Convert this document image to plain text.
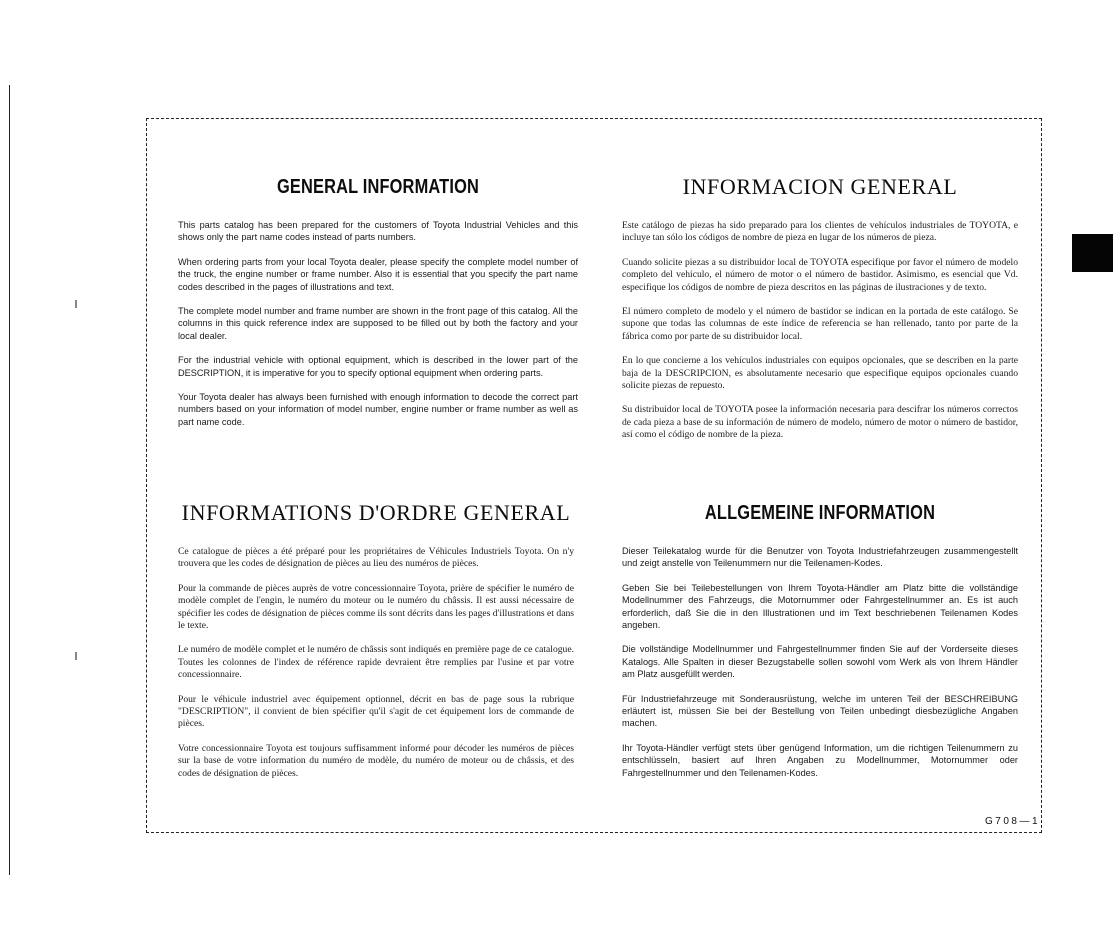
GENERAL INFORMATION

This parts catalog has been prepared for the customers of Toyota Industrial Vehicles and this shows only the part name codes instead of parts numbers.

When ordering parts from your local Toyota dealer, please specify the complete model number of the truck, the engine number or frame number. Also it is essential that you specify the part name codes described in the pages of illustrations and text.

The complete model number and frame number are shown in the front page of this catalog. All the columns in this quick reference index are supposed to be filled out by both the factory and your local dealer.

For the industrial vehicle with optional equipment, which is described in the lower part of the DESCRIPTION, it is imperative for you to specify optional equipment when ordering parts.

Your Toyota dealer has always been furnished with enough information to decode the correct part numbers based on your information of model number, engine number or frame number as well as part name code.

INFORMACION GENERAL

Este catálogo de piezas ha sido preparado para los clientes de vehículos industriales de TOYOTA, e incluye tan sólo los códigos de nombre de pieza en lugar de los números de pieza.

Cuando solicite piezas a su distribuidor local de TOYOTA especifique por favor el número de modelo completo del vehículo, el número de motor o el número de bastidor. Asimismo, es esencial que Vd. especifique los códigos de nombre de pieza descritos en las páginas de ilustraciones y de texto.

El número completo de modelo y el número de bastidor se indican en la portada de este catálogo. Se supone que todas las columnas de este índice de referencia se han rellenado, tanto por parte de la fábrica como por parte de su distribuidor local.

En lo que concierne a los vehículos industriales con equipos opcionales, que se describen en la parte baja de la DESCRIPCION, es absolutamente necesario que especifique equipos opcionales cuando solicite piezas de repuesto.

Su distribuidor local de TOYOTA posee la información necesaria para descifrar los números correctos de cada pieza a base de su información de número de modelo, número de motor o número de bastidor, así como el código de nombre de la pieza.

INFORMATIONS D'ORDRE GENERAL

Ce catalogue de pièces a été préparé pour les propriétaires de Véhicules Industriels Toyota. On n'y trouvera que les codes de désignation de pièces au lieu des numéros de pièces.

Pour la commande de pièces auprès de votre concessionnaire Toyota, prière de spécifier le numéro de modèle complet de l'engin, le numéro du moteur ou le numéro du châssis. Il est aussi nécessaire de spécifier les codes de désignation de pièces comme ils sont décrits dans les pages d'illustrations et dans le texte.

Le numéro de modèle complet et le numéro de châssis sont indiqués en première page de ce catalogue. Toutes les colonnes de l'index de référence rapide devraient être remplies par l'usine et par votre concessionnaire.

Pour le véhicule industriel avec équipement optionnel, décrit en bas de page sous la rubrique "DESCRIPTION", il convient de bien spécifier qu'il s'agit de cet équipement lors de commande de pièces.

Votre concessionnaire Toyota est toujours suffisamment informé pour décoder les numéros de pièces sur la base de votre information du numéro de modèle, du numéro de moteur ou de châssis, et des codes de désignation de pièces.

ALLGEMEINE INFORMATION

Dieser Teilekatalog wurde für die Benutzer von Toyota Industriefahrzeugen zusammengestellt und zeigt anstelle von Teilenummern nur die Teilenamen-Kodes.

Geben Sie bei Teilebestellungen von Ihrem Toyota-Händler am Platz bitte die vollständige Modellnummer des Fahrzeugs, die Motornummer oder Fahrgestellnummer an. Es ist auch erforderlich, daß Sie die in den Illustrationen und im Text beschriebenen Teilenamen Kodes angeben.

Die vollständige Modellnummer und Fahrgestellnummer finden Sie auf der Vorderseite dieses Katalogs. Alle Spalten in dieser Bezugstabelle sollen sowohl vom Werk als von Ihrem Händler am Platz ausgefüllt werden.

Für Industriefahrzeuge mit Sonderausrüstung, welche im unteren Teil der BESCHREIBUNG erläutert ist, müssen Sie bei der Bestellung von Teilen unbedingt diesbezügliche Angaben machen.

Ihr Toyota-Händler verfügt stets über genügend Information, um die richtigen Teilenummern zu entschlüsseln, basiert auf Ihren Angaben zu Modellnummer, Motornummer oder Fahrgestellnummer und den Teilenamen-Kodes.

G708—1
